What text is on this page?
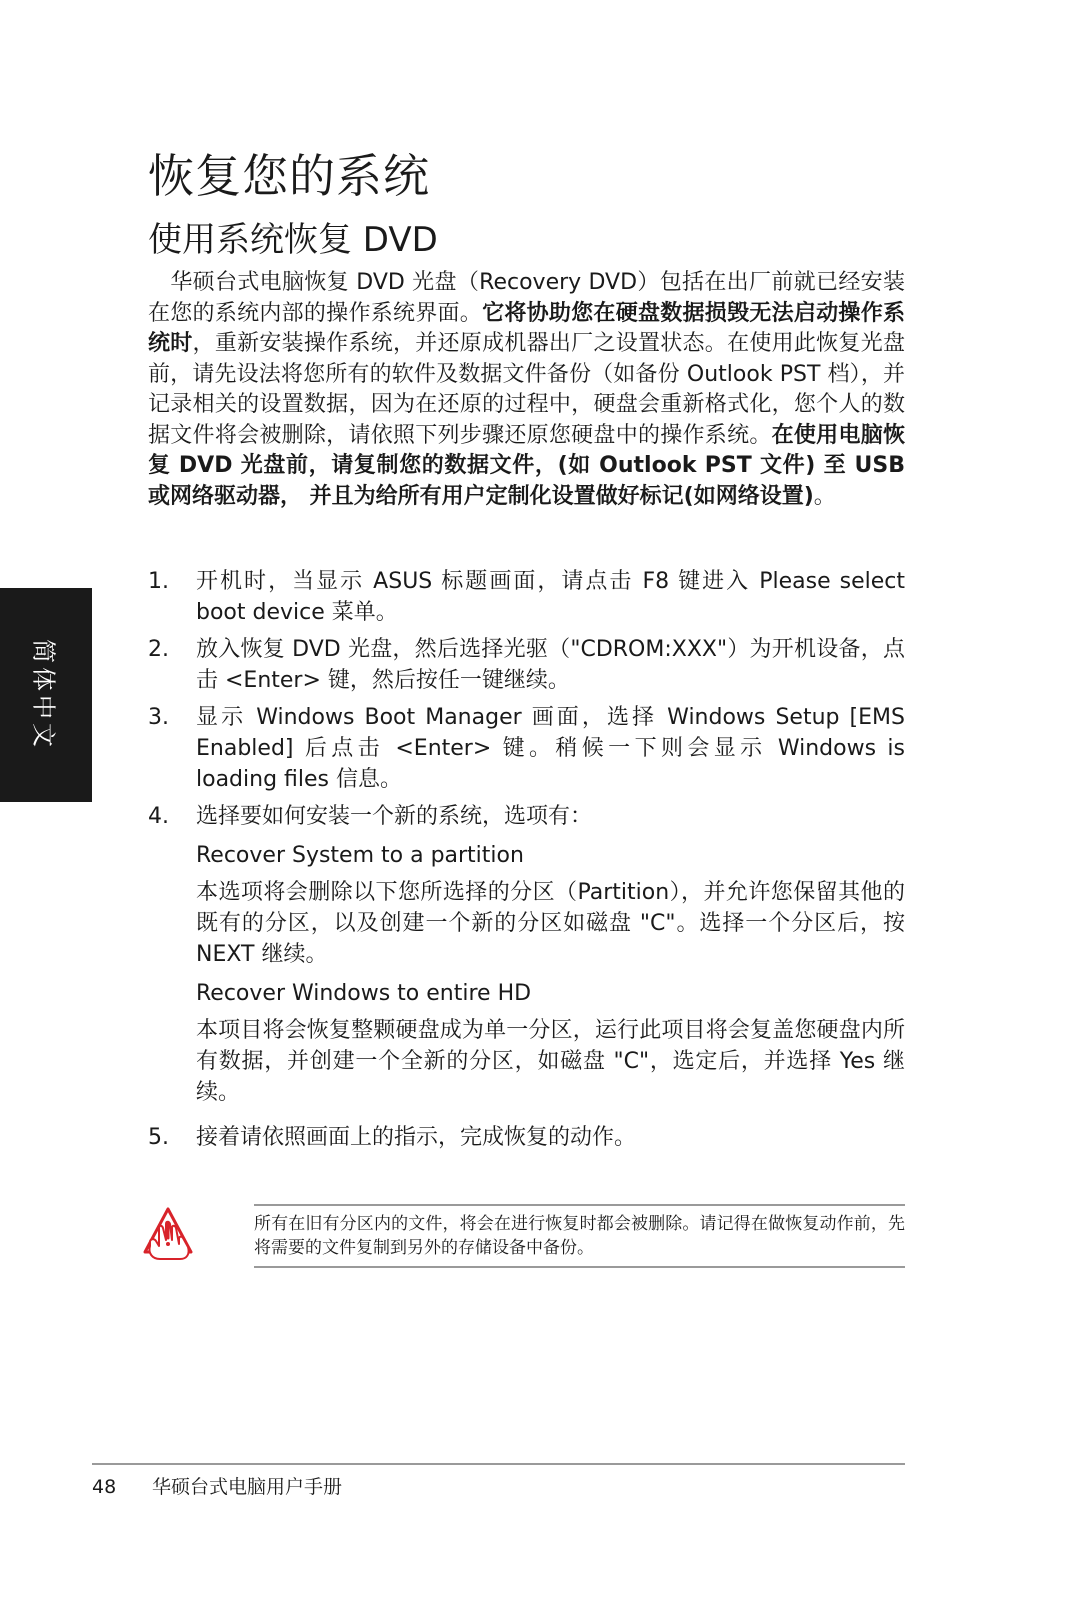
恢复您的系统
使用系统恢复 DVD

　华硕台式电脑恢复 DVD 光盘（Recovery DVD）包括在出厂前就已经安装在您的系统内部的操作系统界面。它将协助您在硬盘数据损毁无法启动操作系统时，重新安装操作系统，并还原成机器出厂之设置状态。在使用此恢复光盘前，请先设法将您所有的软件及数据文件备份（如备份 Outlook PST 档），并记录相关的设置数据，因为在还原的过程中，硬盘会重新格式化，您个人的数据文件将会被删除，请依照下列步骤还原您硬盘中的操作系统。在使用电脑恢复 DVD 光盘前，请复制您的数据文件，(如 Outlook PST 文件) 至 USB 或网络驱动器， 并且为给所有用户定制化设置做好标记(如网络设置)。

简体中文
1. 开机时，当显示 ASUS 标题画面，请点击 F8 键进入 Please select boot device 菜单。
2. 放入恢复 DVD 光盘，然后选择光驱（"CDROM:XXX"）为开机设备，点击 <Enter> 键，然后按任一键继续。
3. 显示 Windows Boot Manager 画面，选择 Windows Setup [EMS Enabled] 后点击 <Enter> 键。稍候一下则会显示 Windows is loading files 信息。
4. 选择要如何安装一个新的系统，选项有：
Recover System to a partition
本选项将会删除以下您所选择的分区（Partition），并允许您保留其他的既有的分区，以及创建一个新的分区如磁盘 "C"。选择一个分区后，按 NEXT 继续。
Recover Windows to entire HD
本项目将会恢复整颗硬盘成为单一分区，运行此项目将会复盖您硬盘内所有数据，并创建一个全新的分区，如磁盘 "C"，选定后，并选择 Yes 继续。
5. 接着请依照画面上的指示，完成恢复的动作。
所有在旧有分区内的文件，将会在进行恢复时都会被删除。请记得在做恢复动作前，先将需要的文件复制到另外的存储设备中备份。
48 华硕台式电脑用户手册
